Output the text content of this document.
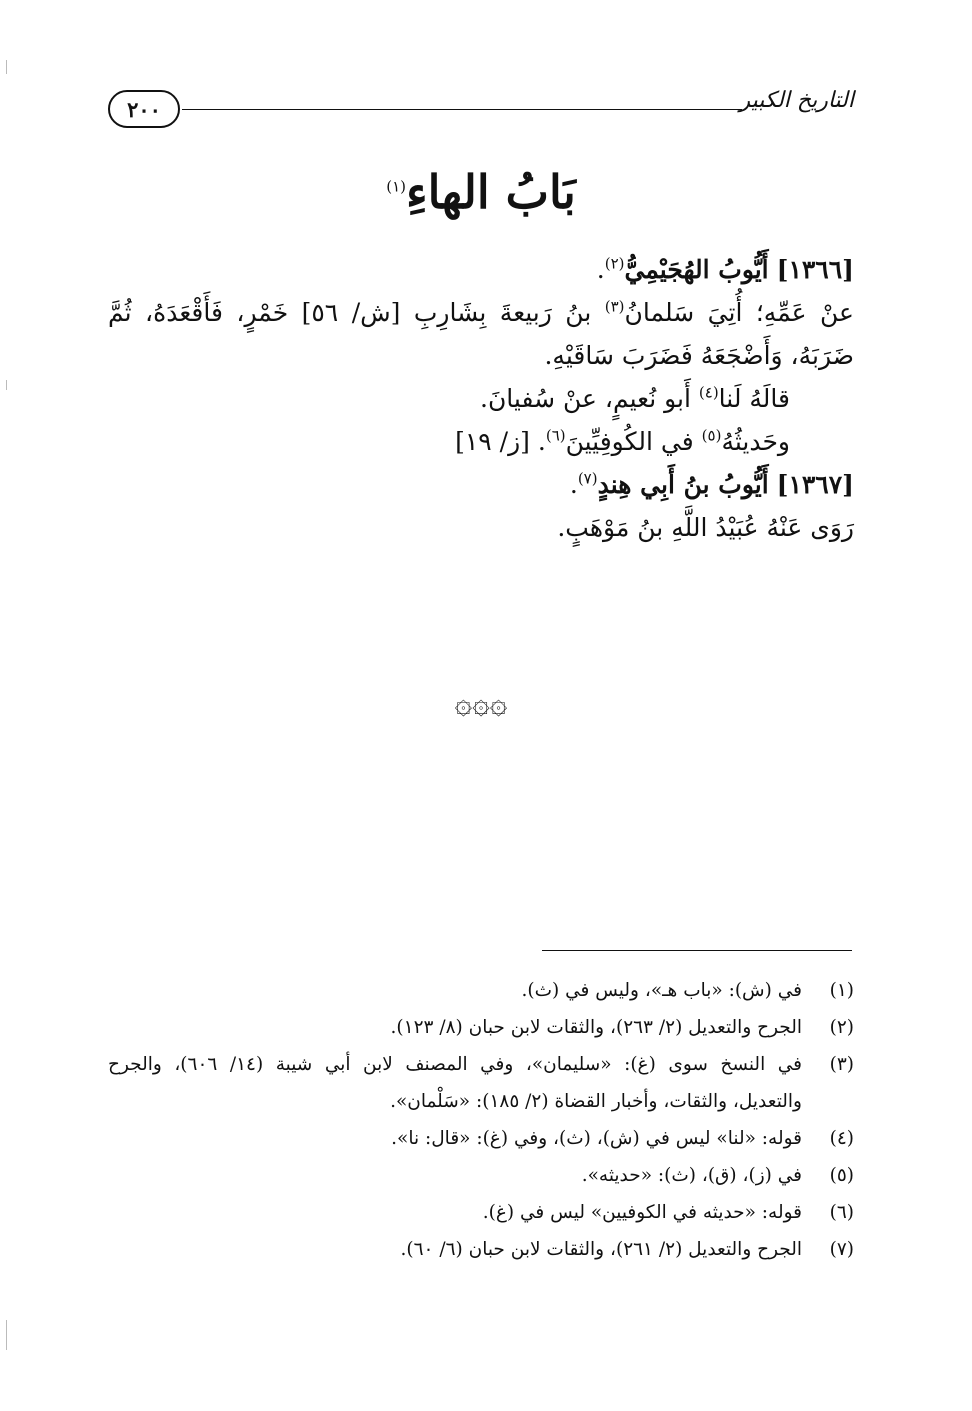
٢٠٠	التاريخ الكبير
بَابُ الهاءِ$^{(١)}$
[١٣٦٦] أَيُّوبُ الهُجَيْمِيُّ$^{(٢)}$.
عنْ عَمِّهِ؛ أُتِيَ سَلمانُ$^{(٣)}$ بنُ رَبيعةَ بِشَارِبِ [ش/ ٥٦] خَمْرٍ، فَأَقْعَدَهُ، ثُمَّ
ضَرَبَهُ، وَأَضْجَعَهُ فَضَرَبَ سَاقَيْهِ.
قالَهُ لَنا$^{(٤)}$ أَبو نُعيمٍ، عنْ سُفيانَ.
وحَديثُهُ$^{(٥)}$ في الكُوفِيِّينَ$^{(٦)}$. [ز/ ١٩]
[١٣٦٧] أَيُّوبُ بنُ أَبِي هِندٍ$^{(٧)}$.
رَوَى عَنْهُ عُبَيْدُ اللَّهِ بنُ مَوْهَبٍ.
۞۞۞
(١)
في (ش): «باب هـ»، وليس في (ث).
(٢)
الجرح والتعديل (٢/ ٢٦٣)، والثقات لابن حبان (٨/ ١٢٣).
(٣)
في النسخ سوى (غ): «سليمان»، وفي المصنف لابن أبي شيبة (١٤/ ٦٠٦)، والجرح
والتعديل، والثقات، وأخبار القضاة (٢/ ١٨٥): «سَلْمان».
(٤)
قوله: «لنا» ليس في (ش)، (ث)، وفي (غ): «قال: نا».
(٥)
في (ز)، (ق)، (ث): «حديثه».
(٦)
قوله: «حديثه في الكوفيين» ليس في (غ).
(٧)
الجرح والتعديل (٢/ ٢٦١)، والثقات لابن حبان (٦/ ٦٠).
